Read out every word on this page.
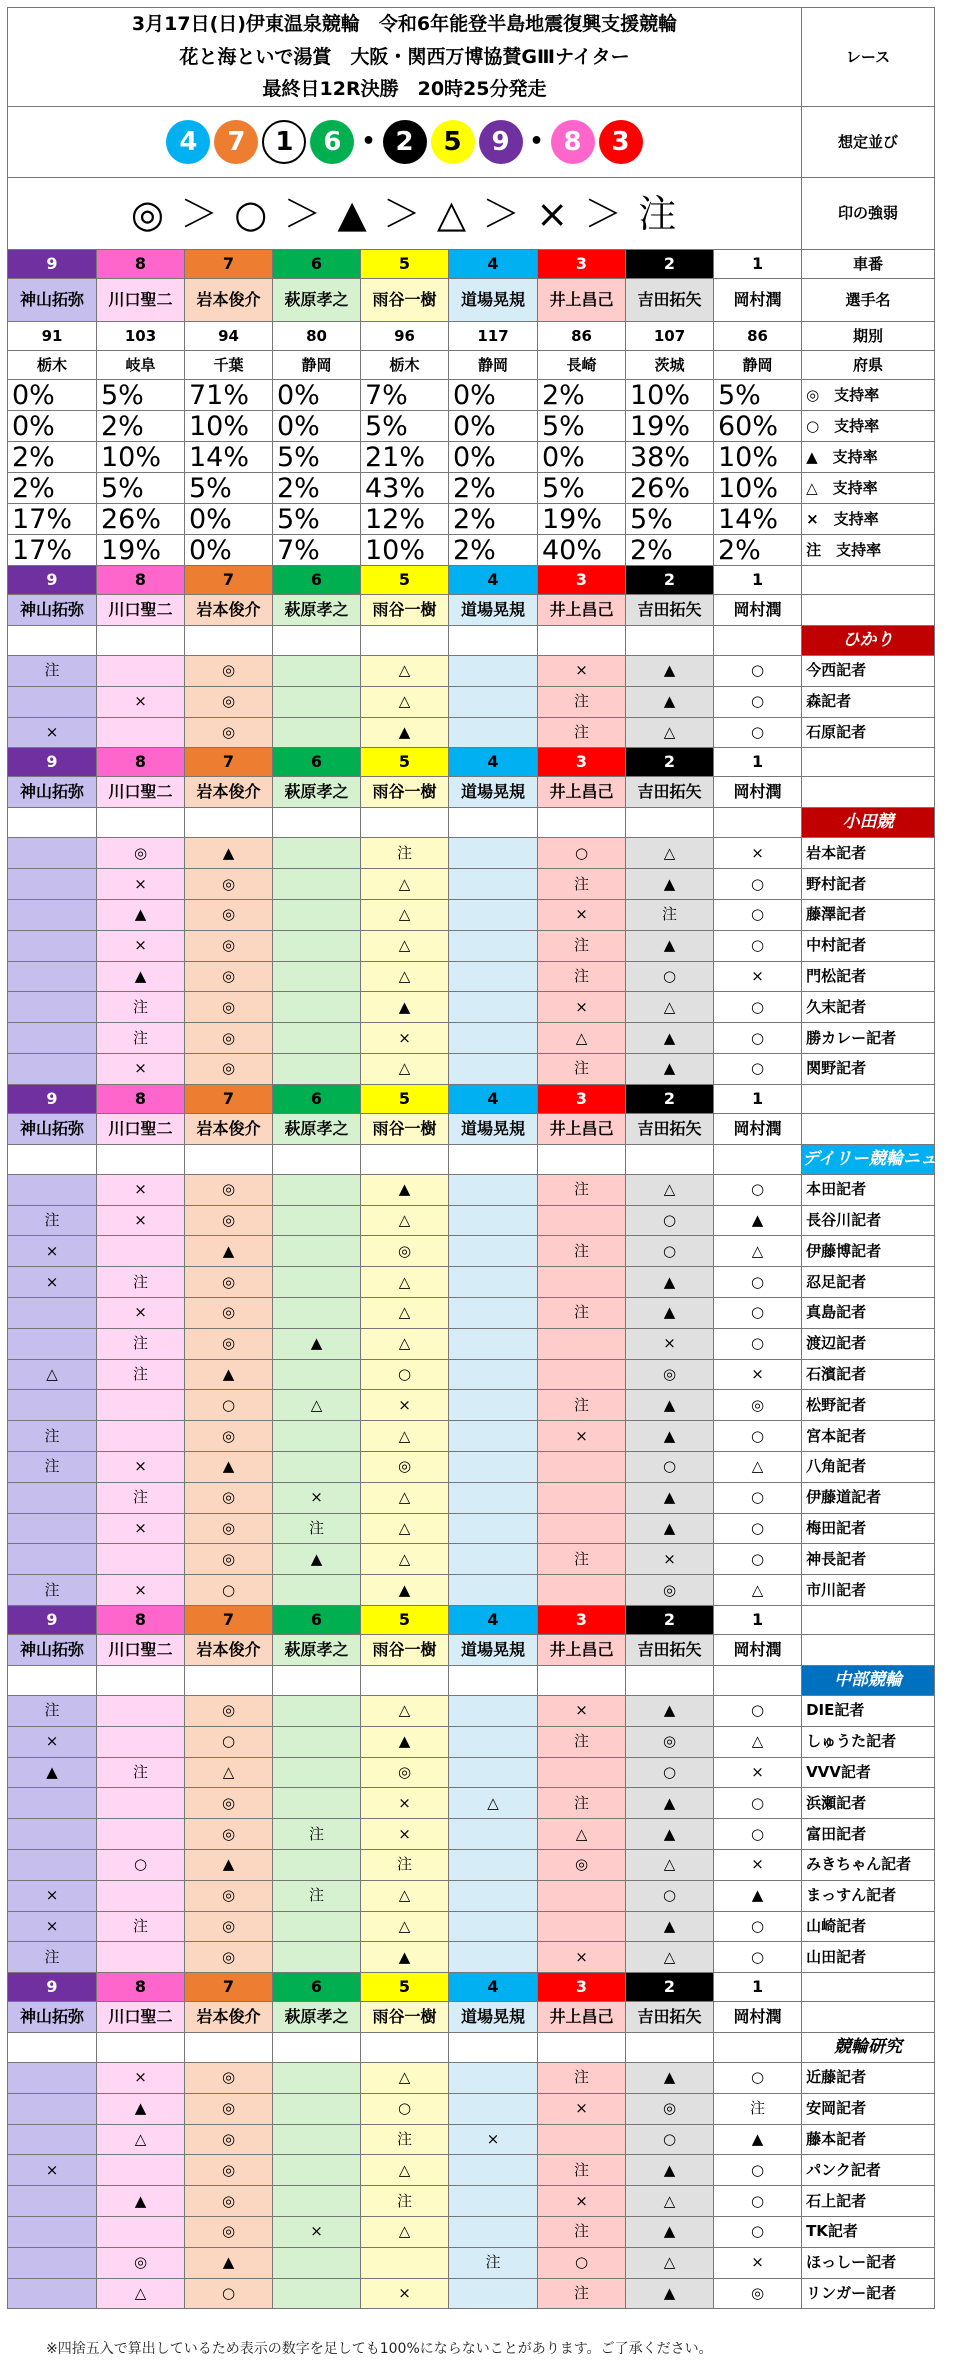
3月17日(日)伊東温泉競輪　令和6年能登半島地震復興支援競輪									レース
花と海といで湯賞　大阪・関西万博協賛GⅢナイター									
最終日12R決勝　20時25分発走									
4 7 1 6 • 2 5 9 • 8 3									想定並び
◎ ＞ ○ ＞ ▲ ＞ △ ＞ × ＞ 注									印の強弱
9	8	7	6	5	4	3	2	1	車番
神山拓弥	川口聖二	岩本俊介	萩原孝之	雨谷一樹	道場晃規	井上昌己	吉田拓矢	岡村潤	選手名
91	103	94	80	96	117	86	107	86	期別
栃木	岐阜	千葉	静岡	栃木	静岡	長崎	茨城	静岡	府県
0%	5%	71%	0%	7%	0%	2%	10%	5%	◎　支持率
0%	2%	10%	0%	5%	0%	5%	19%	60%	○　支持率
2%	10%	14%	5%	21%	0%	0%	38%	10%	▲　支持率
2%	5%	5%	2%	43%	2%	5%	26%	10%	△　支持率
17%	26%	0%	5%	12%	2%	19%	5%	14%	×　支持率
17%	19%	0%	7%	10%	2%	40%	2%	2%	注　支持率
9	8	7	6	5	4	3	2	1	
神山拓弥	川口聖二	岩本俊介	萩原孝之	雨谷一樹	道場晃規	井上昌己	吉田拓矢	岡村潤	
									ひかり
注		◎		△		×	▲	○	今西記者
	×	◎		△		注	▲	○	森記者
×		◎		▲		注	△	○	石原記者
9	8	7	6	5	4	3	2	1	
神山拓弥	川口聖二	岩本俊介	萩原孝之	雨谷一樹	道場晃規	井上昌己	吉田拓矢	岡村潤	
									小田競
	◎	▲		注		○	△	×	岩本記者
	×	◎		△		注	▲	○	野村記者
	▲	◎		△		×	注	○	藤澤記者
	×	◎		△		注	▲	○	中村記者
	▲	◎		△		注	○	×	門松記者
	注	◎		▲		×	△	○	久末記者
	注	◎		×		△	▲	○	勝カレー記者
	×	◎		△		注	▲	○	関野記者
9	8	7	6	5	4	3	2	1	
神山拓弥	川口聖二	岩本俊介	萩原孝之	雨谷一樹	道場晃規	井上昌己	吉田拓矢	岡村潤	
									デイリー競輪ニュース
	×	◎		▲		注	△	○	本田記者
注	×	◎		△			○	▲	長谷川記者
×		▲		◎		注	○	△	伊藤博記者
×	注	◎		△			▲	○	忍足記者
	×	◎		△		注	▲	○	真島記者
	注	◎	▲	△			×	○	渡辺記者
△	注	▲		○			◎	×	石濱記者
		○	△	×		注	▲	◎	松野記者
注		◎		△		×	▲	○	宮本記者
注	×	▲		◎			○	△	八角記者
	注	◎	×	△			▲	○	伊藤道記者
	×	◎	注	△			▲	○	梅田記者
		◎	▲	△		注	×	○	神長記者
注	×	○		▲			◎	△	市川記者
9	8	7	6	5	4	3	2	1	
神山拓弥	川口聖二	岩本俊介	萩原孝之	雨谷一樹	道場晃規	井上昌己	吉田拓矢	岡村潤	
									中部競輪
注		◎		△		×	▲	○	DIE記者
×		○		▲		注	◎	△	しゅうた記者
▲	注	△		◎			○	×	VVV記者
		◎		×	△	注	▲	○	浜瀬記者
		◎	注	×		△	▲	○	富田記者
	○	▲		注		◎	△	×	みきちゃん記者
×		◎	注	△			○	▲	まっすん記者
×	注	◎		△			▲	○	山崎記者
注		◎		▲		×	△	○	山田記者
9	8	7	6	5	4	3	2	1	
神山拓弥	川口聖二	岩本俊介	萩原孝之	雨谷一樹	道場晃規	井上昌己	吉田拓矢	岡村潤	
									競輪研究
	×	◎		△		注	▲	○	近藤記者
	▲	◎		○		×	◎	注	安岡記者
	△	◎		注	×		○	▲	藤本記者
×		◎		△		注	▲	○	パンク記者
	▲	◎		注		×	△	○	石上記者
		◎	×	△		注	▲	○	TK記者
	◎	▲			注	○	△	×	ほっしー記者
	△	○		×		注	▲	◎	リンガー記者
※四捨五入で算出しているため表示の数字を足しても100%にならないことがあります。ご了承ください。
